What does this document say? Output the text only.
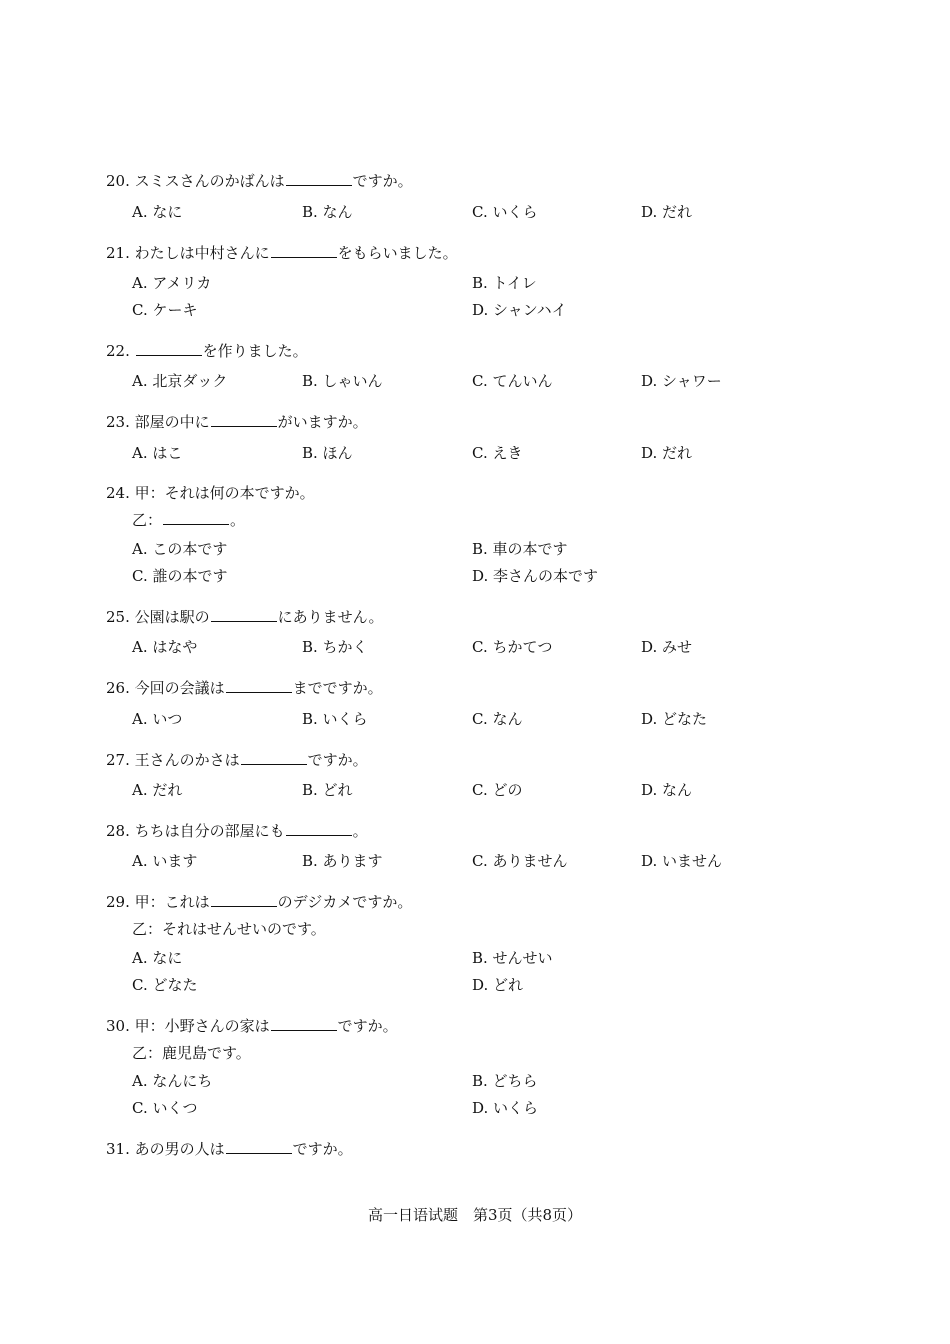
20. スミスさんのかばんは	ですか。
A. なに	B. なん	C. いくら	D. だれ
21. わたしは中村さんに	をもらいました。
A. アメリカ	B. トイレ
C. ケーキ	D. シャンハイ
22.	を作りました。
A. 北京ダック	B. しゃいん	C. てんいん	D. シャワー
23. 部屋の中に	がいますか。
A. はこ	B. ほん	C. えき	D. だれ
24. 甲：それは何の本ですか。
乙：	。
A. この本です	B. 車の本です
C. 誰の本です	D. 李さんの本です
25. 公園は駅の	にありません。
A. はなや	B. ちかく	C. ちかてつ	D. みせ
26. 今回の会議は	までですか。
A. いつ	B. いくら	C. なん	D. どなた
27. 王さんのかさは	ですか。
A. だれ	B. どれ	C. どの	D. なん
28. ちちは自分の部屋にも	。
A. います	B. あります	C. ありません	D. いません
29. 甲：これは	のデジカメですか。
乙：それはせんせいのです。
A. なに	B. せんせい
C. どなた	D. どれ
30. 甲：小野さんの家は	ですか。
乙：鹿児島です。
A. なんにち	B. どちら
C. いくつ	D. いくら
31. あの男の人は	ですか。
高一日语试题　第3页（共8页）
